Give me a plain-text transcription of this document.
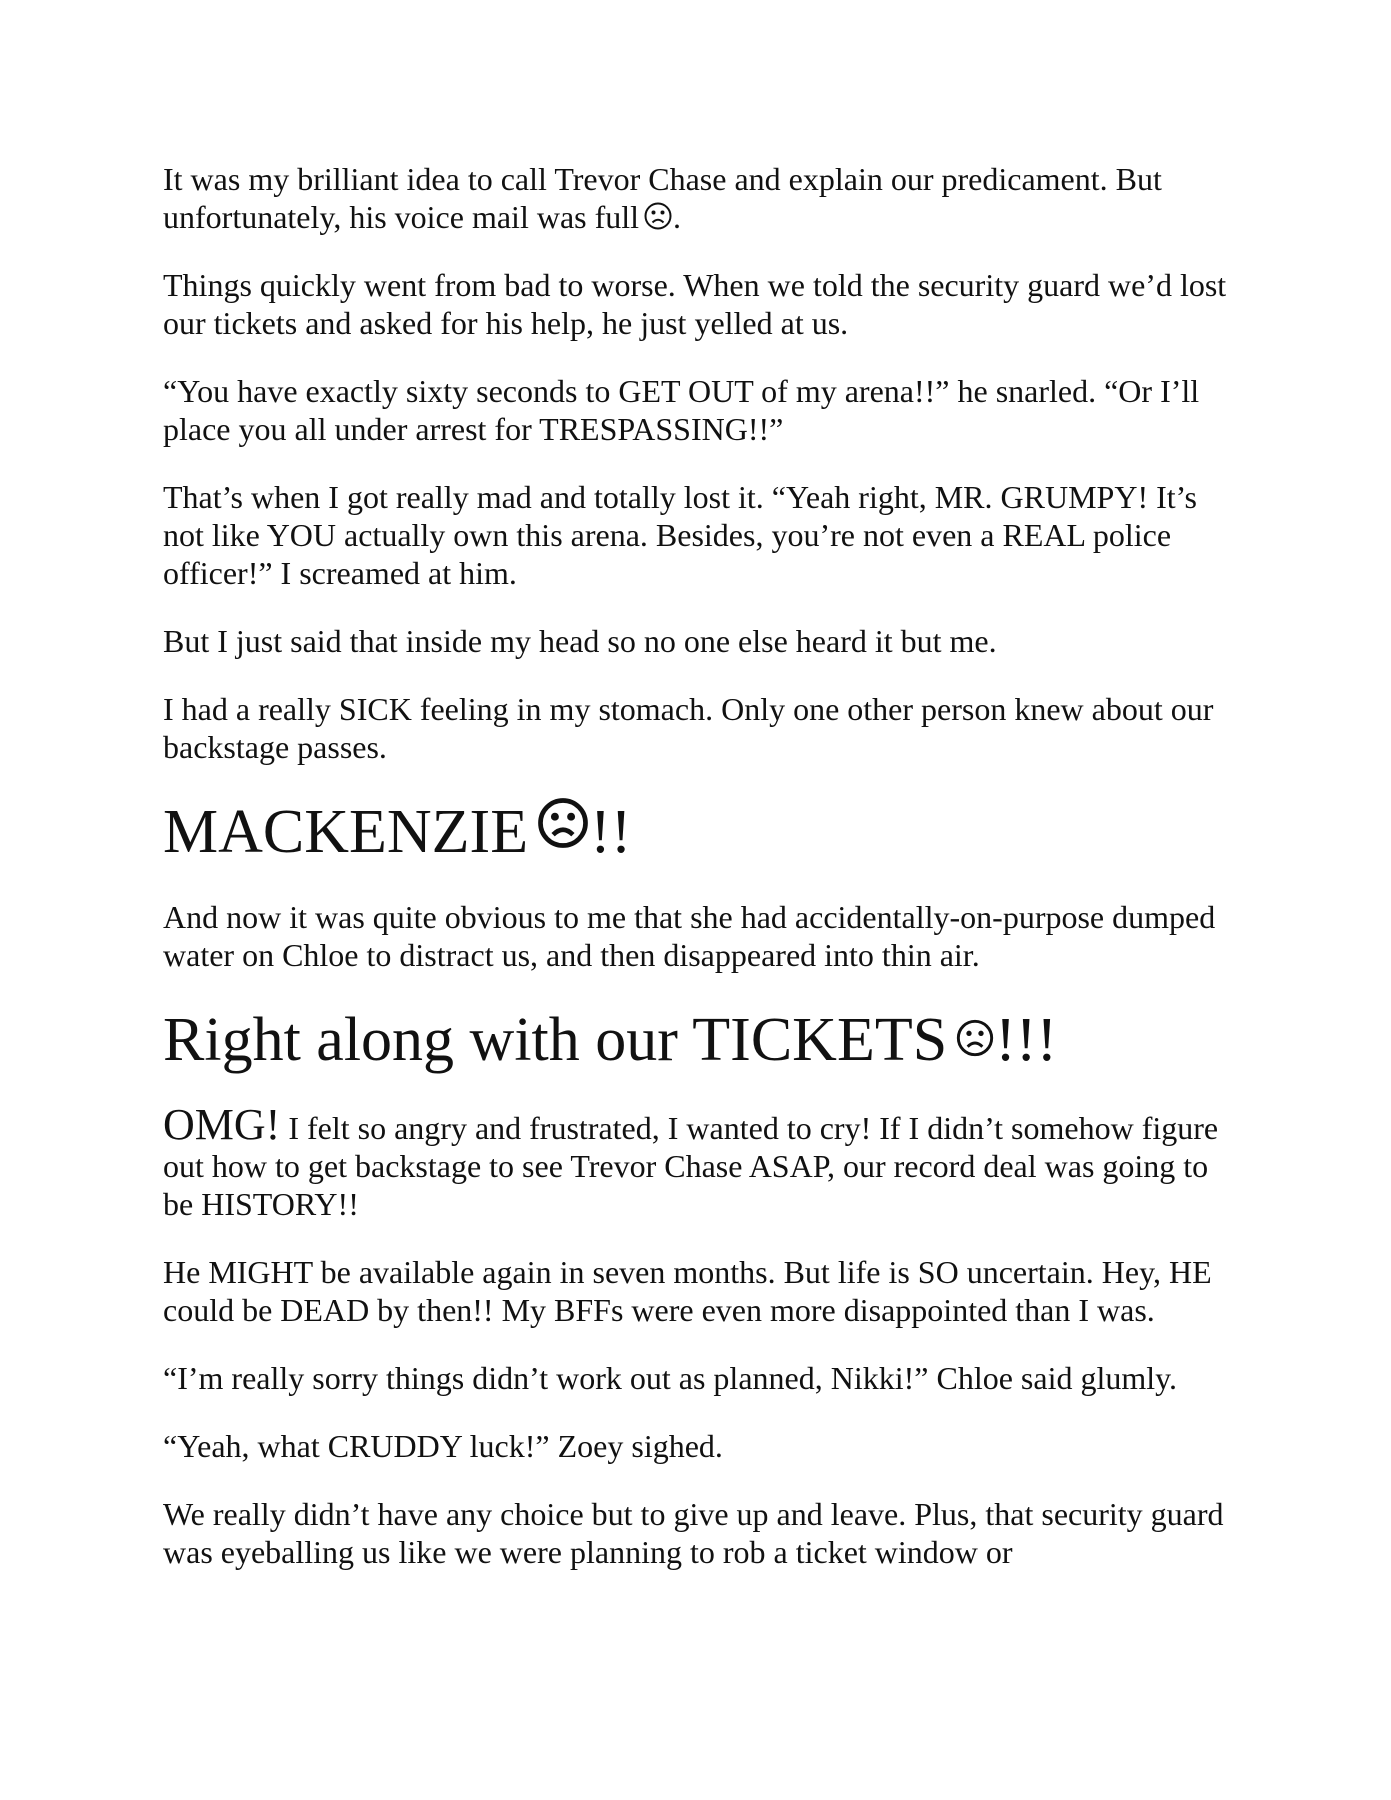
It was my brilliant idea to call Trevor Chase and explain our predicament. But unfortunately, his voice mail was full .

Things quickly went from bad to worse. When we told the security guard we’d lost our tickets and asked for his help, he just yelled at us.

“You have exactly sixty seconds to GET OUT of my arena!!” he snarled. “Or I’ll place you all under arrest for TRESPASSING!!”

That’s when I got really mad and totally lost it. “Yeah right, MR. GRUMPY! It’s not like YOU actually own this arena. Besides, you’re not even a REAL police officer!” I screamed at him.

But I just said that inside my head so no one else heard it but me.

I had a really SICK feeling in my stomach. Only one other person knew about our backstage passes.

MACKENZIE !!

And now it was quite obvious to me that she had accidentally-on-purpose dumped water on Chloe to distract us, and then disappeared into thin air.

Right along with our TICKETS !!!

OMG! I felt so angry and frustrated, I wanted to cry! If I didn’t somehow figure out how to get backstage to see Trevor Chase ASAP, our record deal was going to be HISTORY!!

He MIGHT be available again in seven months. But life is SO uncertain. Hey, HE could be DEAD by then!! My BFFs were even more disappointed than I was.

“I’m really sorry things didn’t work out as planned, Nikki!” Chloe said glumly.

“Yeah, what CRUDDY luck!” Zoey sighed.

We really didn’t have any choice but to give up and leave. Plus, that security guard was eyeballing us like we were planning to rob a ticket window or
